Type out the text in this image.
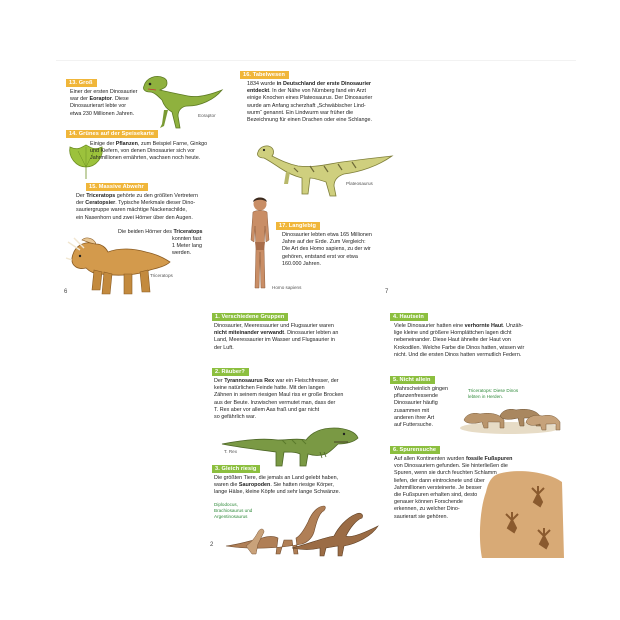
13. Groß
Einer der ersten Dinosaurier
war der Eoraptor. Diese
Dinosaurierart lebte vor
etwa 230 Millionen Jahren.	Eoraptor
14. Grünes auf der Speisekarte
Einige der Pflanzen, zum Beispiel Farne, Ginkgo
und Kiefern, von denen Dinosaurier sich vor
Jahrmillionen ernährten, wachsen noch heute.
15. Massive Abwehr
Der Triceratops gehörte zu den größten Vertretern
der Ceratopsier. Typische Merkmale dieser Dino-
sauriergruppe waren mächtige Nackenschilde,
ein Nasenhorn und zwei Hörner über den Augen.
Die beiden Hörner des Triceratops
konnten fast
1 Meter lang
werden.
Triceratops
6
16. Tabelwesen
1834 wurde in Deutschland der erste Dinosaurier
entdeckt. In der Nähe von Nürnberg fand ein Arzt
einige Knochen eines Plateosaurus. Der Dinosaurier
wurde am Anfang scherzhaft „Schwäbischer Lind-
wurm“ genannt. Ein Lindwurm war früher die
Bezeichnung für einen Drachen oder eine Schlange.
Plateosaurus
17. Langlebig
Dinosaurier lebten etwa 165 Millionen
Jahre auf der Erde. Zum Vergleich:
Die Art des Homo sapiens, zu der wir
gehören, entstand erst vor etwa
160.000 Jahren.
Homo sapiens
7
1. Verschiedene Gruppen
Dinosaurier, Meeressaurier und Flugsaurier waren
nicht miteinander verwandt. Dinosaurier lebten an
Land, Meeressaurier im Wasser und Flugsaurier in
der Luft.
2. Räuber?
Der Tyrannosaurus Rex war ein Fleischfresser, der
keine natürlichen Feinde hatte. Mit den langen
Zähnen in seinem riesigen Maul riss er große Brocken
aus der Beute. Inzwischen vermutet man, dass der
T. Rex aber vor allem Aas fraß und gar nicht
so gefährlich war.
T. Rex
3. Gleich riesig
Die größten Tiere, die jemals an Land gelebt haben,
waren die Sauropoden. Sie hatten riesige Körper,
lange Hälse, kleine Köpfe und sehr lange Schwänze.
Diplodocus,
Brachiosaurus und
Argentinosaurus
2
4. Hautsein
Viele Dinosaurier hatten eine verhornte Haut. Unzäh-
lige kleine und größere Hornplättchen lagen dicht
nebeneinander. Diese Haut ähnelte der Haut von
Krokodilen. Welche Farbe die Dinos hatten, wissen wir
nicht. Und die ersten Dinos hatten vermutlich Federn.
5. Nicht allein
Wahrscheinlich gingen
pflanzenfressende
Dinosaurier häufig
zusammen mit
anderen ihrer Art
auf Futtersuche.
Triceratops: Diese Dinos
lebten in Herden.
6. Spurensuche
Auf allen Kontinenten wurden fossile Fußspuren
von Dinosauriern gefunden. Sie hinterließen die
Spuren, wenn sie durch feuchten Schlamm
liefen, der dann eintrocknete und über
Jahrmillionen versteinerte. Je besser
die Fußspuren erhalten sind, desto
genauer können Forschende
erkennen, zu welcher Dino-
saurierart sie gehören.
